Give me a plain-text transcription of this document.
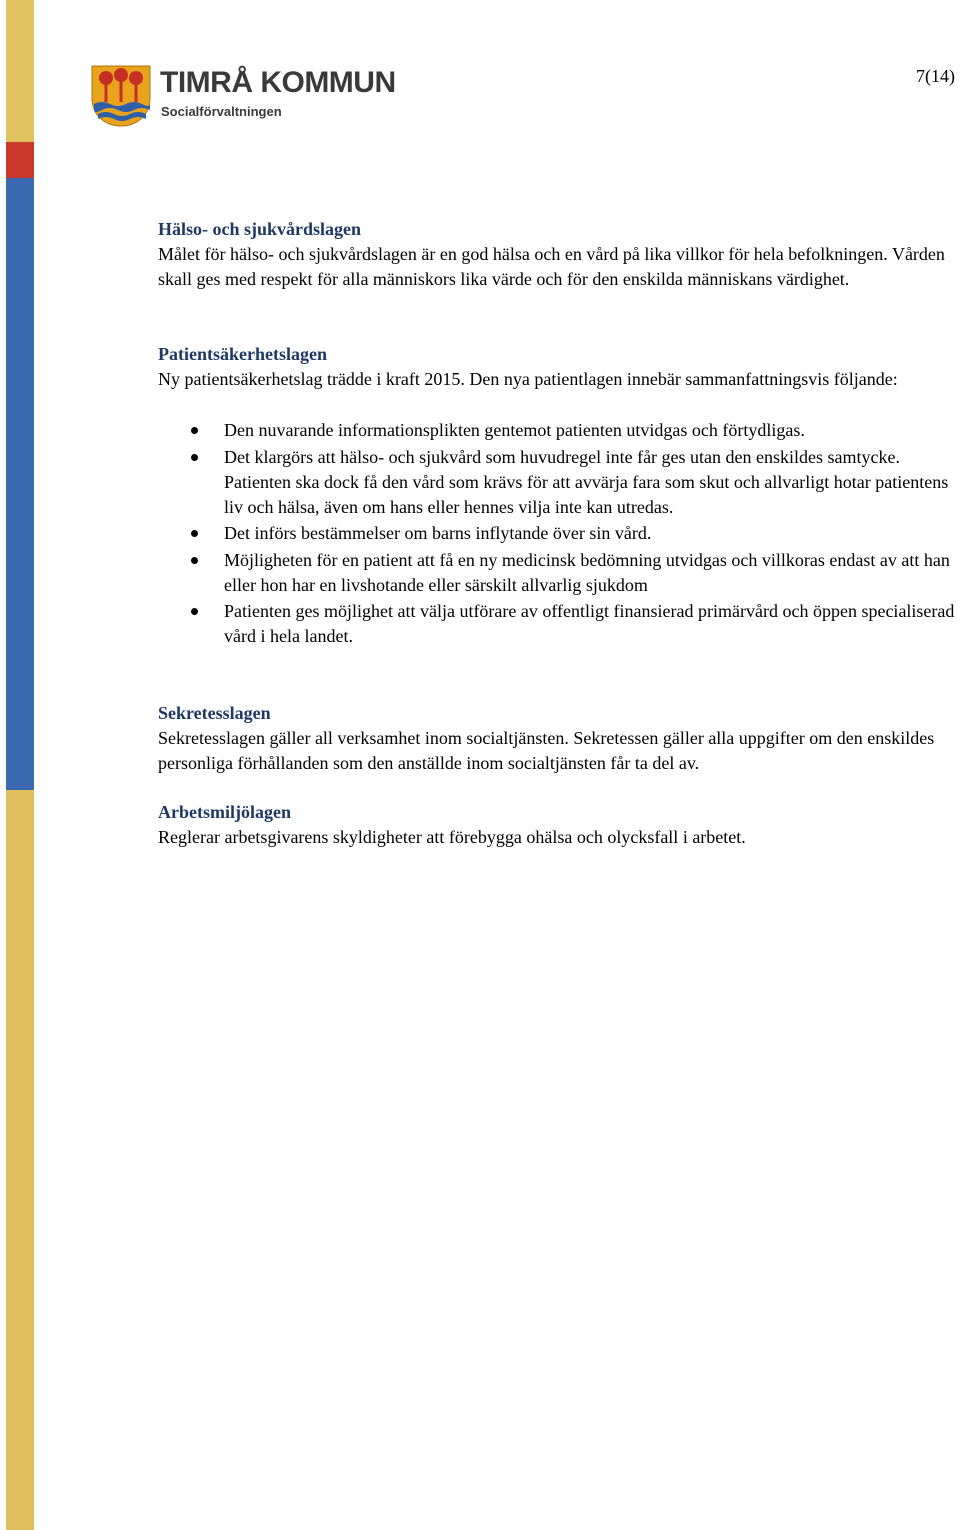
TIMRÅ KOMMUN
Socialförvaltningen
7(14)
Hälso- och sjukvårdslagen

Målet för hälso- och sjukvårdslagen är en god hälsa och en vård på lika villkor för hela befolkningen. Vården skall ges med respekt för alla människors lika värde och för den enskilda människans värdighet.

Patientsäkerhetslagen

Ny patientsäkerhetslag trädde i kraft 2015. Den nya patientlagen innebär sammanfattningsvis följande:

Den nuvarande informationsplikten gentemot patienten utvidgas och förtydligas.
Det klargörs att hälso- och sjukvård som huvudregel inte får ges utan den enskildes samtycke. Patienten ska dock få den vård som krävs för att avvärja fara som skut och allvarligt hotar patientens liv och hälsa, även om hans eller hennes vilja inte kan utredas.
Det införs bestämmelser om barns inflytande över sin vård.
Möjligheten för en patient att få en ny medicinsk bedömning utvidgas och villkoras endast av att han eller hon har en livshotande eller särskilt allvarlig sjukdom
Patienten ges möjlighet att välja utförare av offentligt finansierad primärvård och öppen specialiserad vård i hela landet.
Sekretesslagen

Sekretesslagen gäller all verksamhet inom socialtjänsten. Sekretessen gäller alla uppgifter om den enskildes personliga förhållanden som den anställde inom socialtjänsten får ta del av.

Arbetsmiljölagen

Reglerar arbetsgivarens skyldigheter att förebygga ohälsa och olycksfall i arbetet.
